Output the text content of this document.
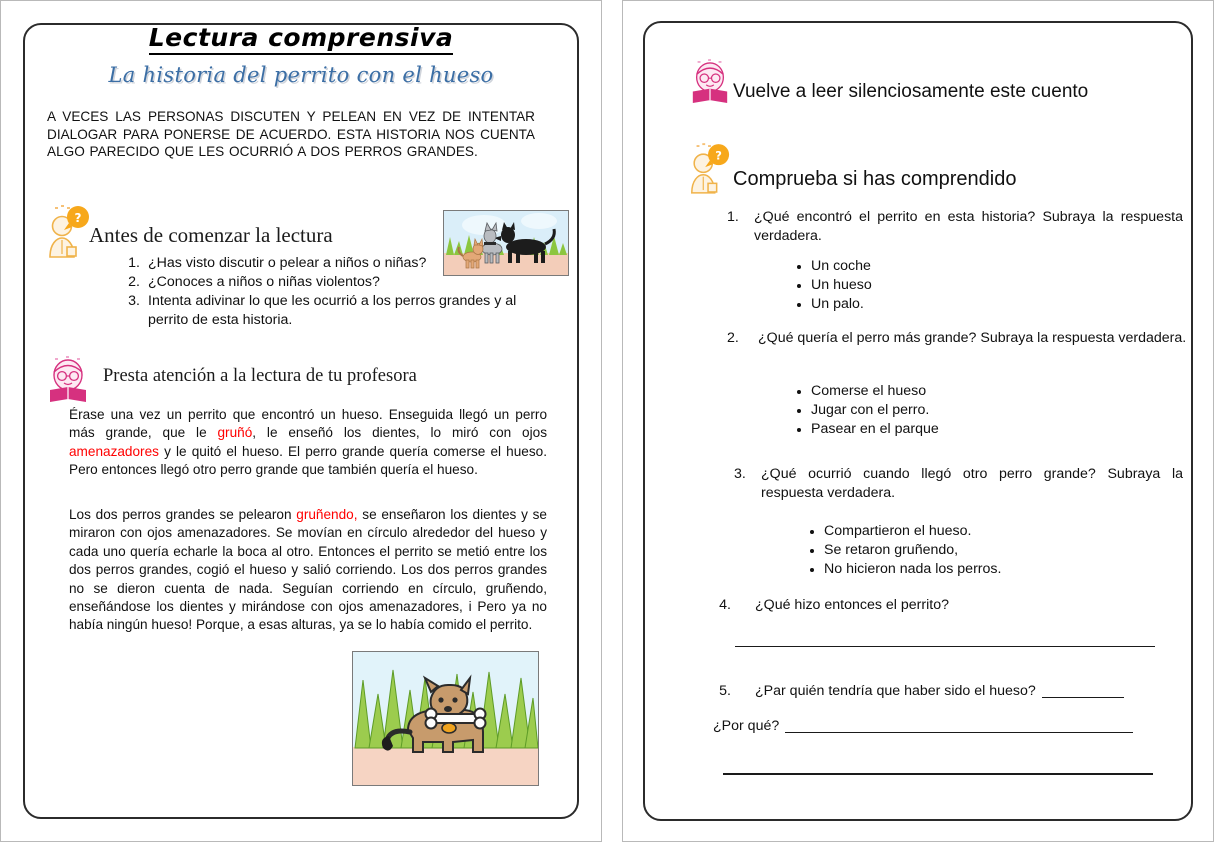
Lectura comprensiva
La historia del perrito con el hueso
A VECES LAS PERSONAS DISCUTEN Y PELEAN EN VEZ DE INTENTAR DIALOGAR PARA PONERSE DE ACUERDO. ESTA HISTORIA NOS CUENTA ALGO PARECIDO QUE LES OCURRIÓ A DOS PERROS GRANDES.
?
Antes de comenzar la lectura
1. ¿Has visto discutir o pelear a niños o niñas?
2. ¿Conoces a niños o niñas violentos?
3. Intenta adivinar lo que les ocurrió a los perros grandes y al perrito de esta historia.
Presta atención a la lectura de tu profesora
Érase una vez un perrito que encontró un hueso. Enseguida llegó un perro más grande, que le gruñó, le enseñó los dientes, lo miró con ojos amenazadores y le quitó el hueso. El perro grande quería comerse el hueso. Pero entonces llegó otro perro grande que también quería el hueso.
Los dos perros grandes se pelearon gruñendo, se enseñaron los dientes y se miraron con ojos amenazadores. Se movían en círculo alrededor del hueso y cada uno quería echarle la boca al otro. Entonces el perrito se metió entre los dos perros grandes, cogió el hueso y salió corriendo. Los dos perros grandes no se dieron cuenta de nada. Seguían corriendo en círculo, gruñendo, enseñándose los dientes y mirándose con ojos amenazadores, i Pero ya no había ningún hueso! Porque, a esas alturas, ya se lo había comido el perrito.
Vuelve a leer silenciosamente este cuento
?
Comprueba si has comprendido
1.	¿Qué encontró el perrito en esta historia? Subraya la respuesta verdadera.
Un coche
Un hueso
Un palo.
2.	¿Qué quería el perro más grande? Subraya la respuesta verdadera.
Comerse el hueso
Jugar con el perro.
Pasear en el parque
3.	¿Qué ocurrió cuando llegó otro perro grande? Subraya la respuesta verdadera.
Compartieron el hueso.
Se retaron gruñendo,
No hicieron nada los perros.
4.	¿Qué hizo entonces el perrito?
5.	¿Par quién tendría que haber sido el hueso?
¿Por qué?
